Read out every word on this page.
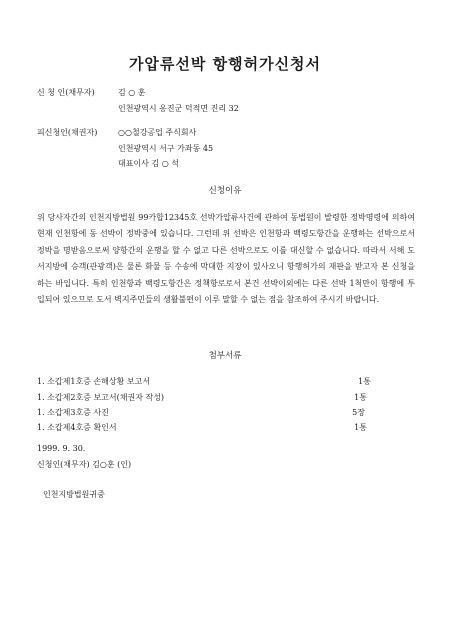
가압류선박 항행허가신청서
신 청 인(채무자)	김 ○ 훈
인천광역시 옹진군 덕적면 진리 32
피신청인(채권자)	○○철강공업 주식회사
인천광역시 서구 가좌동 45
대표이사 김 ○ 석
신청이유

위 당사자간의 인천지방법원 99카합12345호 선박가압류사건에 관하여 동법원이 발령한 정박명령에 의하여 현재 인천항에 동 선박이 정박중에 있습니다. 그런데 위 선박은 인천항과 백령도항간을 운행하는 선박으로서 정박을 명받음으로써 양항간의 운행을 할 수 없고 다른 선박으로도 이를 대신할 수 없습니다. 따라서 서해 도서지방에 승객(관광객)은 물론 화물 등 수송에 막대한 지장이 있사오니 항행허가의 재판을 받고자 본 신청을 하는 바입니다. 특히 인천항과 백령도항간은 정책항로로서 본건 선박이외에는 다른 선박 1척만이 항행에 투입되어 있으므로 도서 벽지주민들의 생활불편이 이루 말할 수 없는 점을 참조하여 주시기 바랍니다.

첨부서류
1. 소갑제1호증 손해상황 보고서	1통
1. 소갑제2호증 보고서(채권자 작성)	1통
1. 소갑제3호증 사진	5장
1. 소갑제4호증 확인서	1통
1999. 9. 30.
신청인(채무자) 김○훈 (인)
인천지방법원귀중
